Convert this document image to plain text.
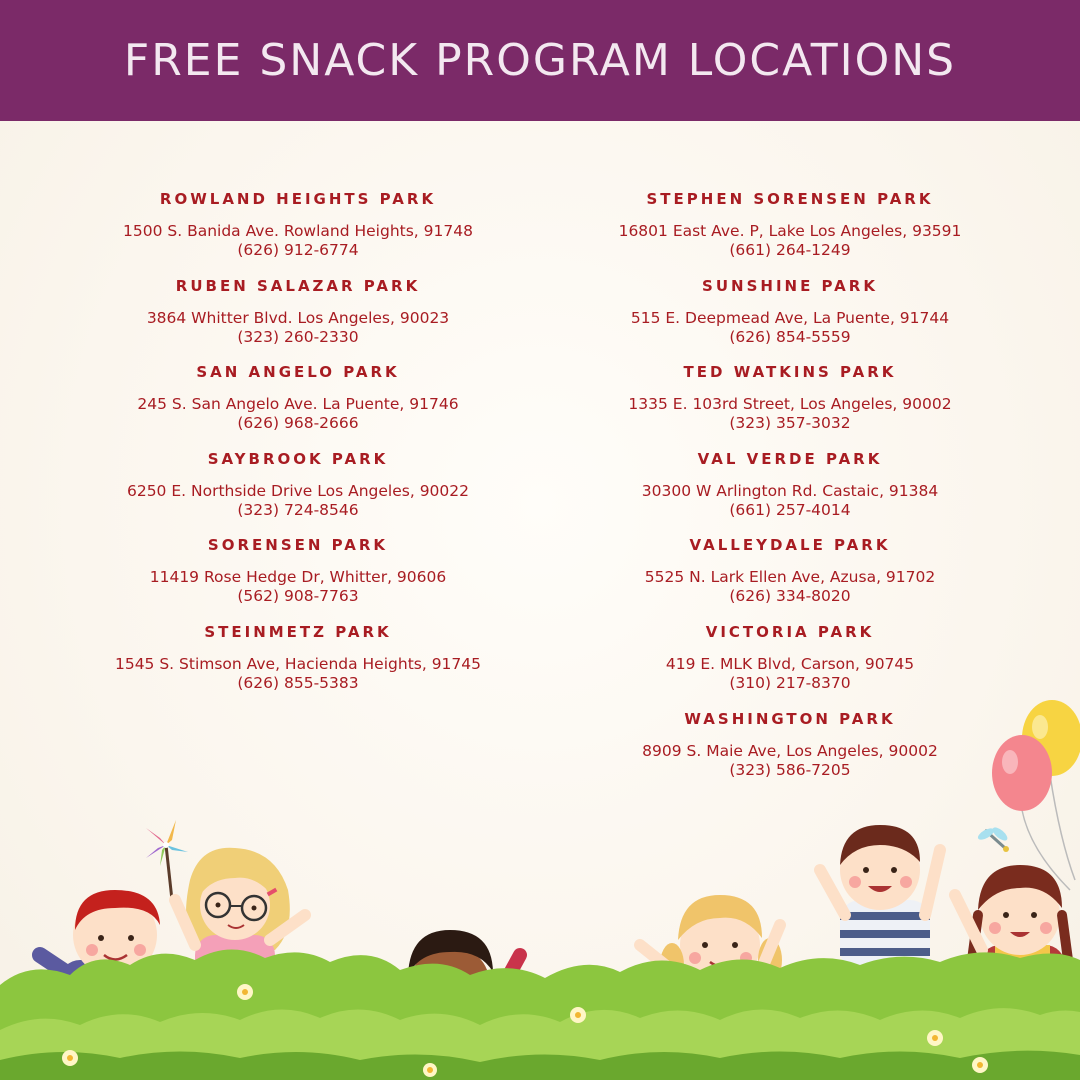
FREE SNACK PROGRAM LOCATIONS

ROWLAND HEIGHTS PARK

1500 S. Banida Ave. Rowland Heights, 91748

(626) 912-6774

RUBEN SALAZAR PARK

3864 Whitter Blvd. Los Angeles, 90023

(323) 260-2330

SAN ANGELO PARK

245 S. San Angelo Ave. La Puente, 91746

(626) 968-2666

SAYBROOK PARK

6250 E. Northside Drive Los Angeles, 90022

(323) 724-8546

SORENSEN PARK

11419 Rose Hedge Dr, Whitter, 90606

(562) 908-7763

STEINMETZ PARK

1545 S. Stimson Ave, Hacienda Heights, 91745

(626) 855-5383

STEPHEN SORENSEN PARK

16801 East Ave. P, Lake Los Angeles, 93591

(661) 264-1249

SUNSHINE PARK

515 E. Deepmead Ave, La Puente, 91744

(626) 854-5559

TED WATKINS PARK

1335 E. 103rd Street, Los Angeles, 90002

(323) 357-3032

VAL VERDE PARK

30300 W Arlington Rd. Castaic, 91384

(661) 257-4014

VALLEYDALE PARK

5525 N. Lark Ellen Ave, Azusa, 91702

(626) 334-8020

VICTORIA PARK

419 E. MLK Blvd, Carson, 90745

(310) 217-8370

WASHINGTON PARK

8909 S. Maie Ave, Los Angeles, 90002

(323) 586-7205
